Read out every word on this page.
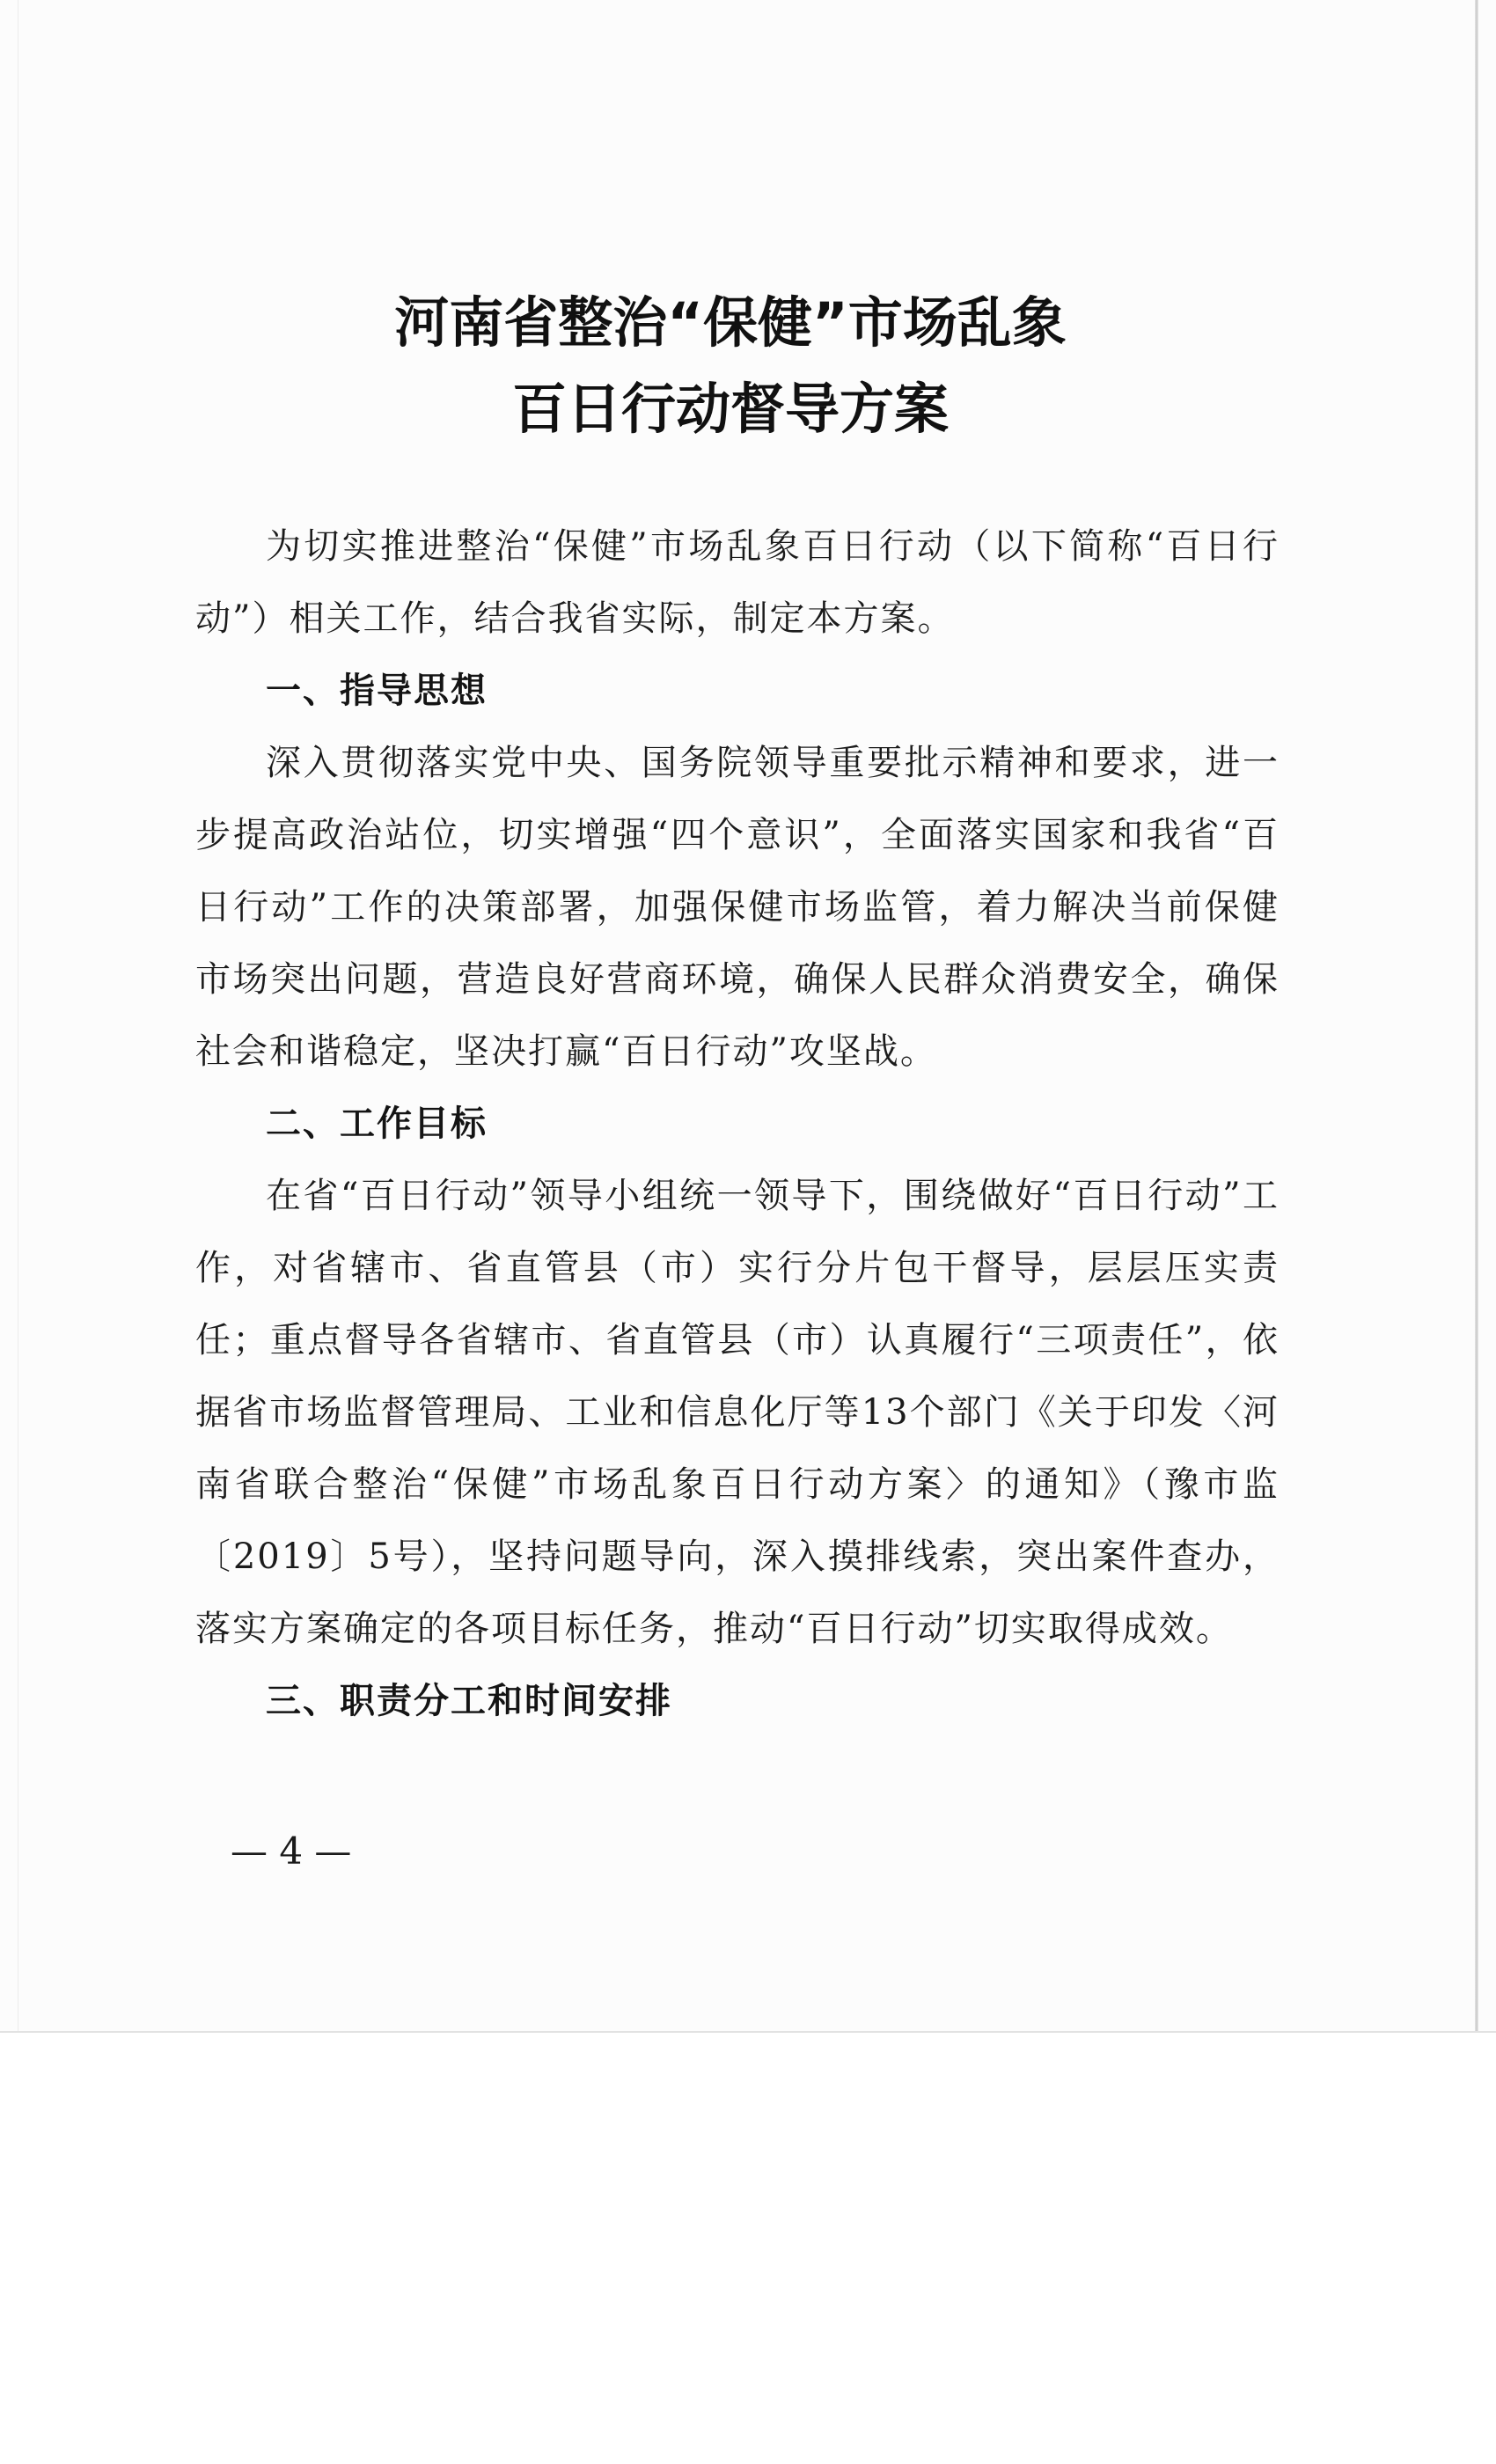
河南省整治“保健”市场乱象
百日行动督导方案

为切实推进整治“保健”市场乱象百日行动（以下简称“百日行动”）相关工作，结合我省实际，制定本方案。

一、指导思想

深入贯彻落实党中央、国务院领导重要批示精神和要求，进一步提高政治站位，切实增强“四个意识”，全面落实国家和我省“百日行动”工作的决策部署，加强保健市场监管，着力解决当前保健市场突出问题，营造良好营商环境，确保人民群众消费安全，确保社会和谐稳定，坚决打赢“百日行动”攻坚战。

二、工作目标

在省“百日行动”领导小组统一领导下，围绕做好“百日行动”工作，对省辖市、省直管县（市）实行分片包干督导，层层压实责任；重点督导各省辖市、省直管县（市）认真履行“三项责任”，依据省市场监督管理局、工业和信息化厅等13个部门《关于印发〈河南省联合整治“保健”市场乱象百日行动方案〉的通知》（豫市监〔2019〕5号），坚持问题导向，深入摸排线索，突出案件查办，落实方案确定的各项目标任务，推动“百日行动”切实取得成效。

三、职责分工和时间安排

— 4 —
